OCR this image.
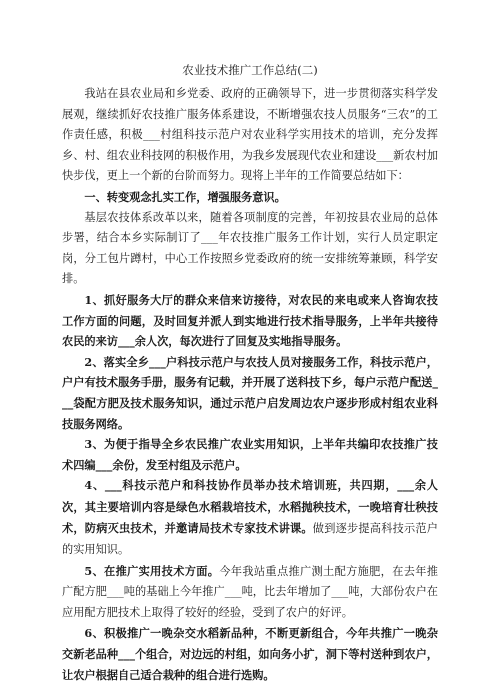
农业技术推广工作总结(二)

我站在县农业局和乡党委、政府的正确领导下，进一步贯彻落实科学发展观，继续抓好农技推广服务体系建设，不断增强农技人员服务“三农”的工作责任感，积极___村组科技示范户对农业科学实用技术的培训，充分发挥乡、村、组农业科技网的积极作用，为我乡发展现代农业和建设___新农村加快步伐，更上一个新的台阶而努力。现将上半年的工作简要总结如下：

一、转变观念扎实工作，增强服务意识。

基层农技体系改革以来，随着各项制度的完善，年初按县农业局的总体步署，结合本乡实际制订了___年农技推广服务工作计划，实行人员定职定岗，分工包片蹲村，中心工作按照乡党委政府的统一安排统筹兼顾，科学安排。

1、抓好服务大厅的群众来信来访接待，对农民的来电或来人咨询农技工作方面的问题，及时回复并派人到实地进行技术指导服务，上半年共接待农民的来访___余人次，每次进行了回复及实地指导服务。

2、落实全乡___户科技示范户与农技人员对接服务工作，科技示范户，户户有技术服务手册，服务有记载，并开展了送科技下乡，每户示范户配送___袋配方肥及技术服务知识，通过示范户启发周边农户逐步形成村组农业科技服务网络。

3、为便于指导全乡农民推广农业实用知识，上半年共编印农技推广技术四编___余份，发至村组及示范户。

4、___科技示范户和科技协作员举办技术培训班，共四期，___余人次，其主要培训内容是绿色水稻栽培技术，水稻抛秧技术，一晚培育壮秧技术，防病灭虫技术，并邀请局技术专家技术讲课。做到逐步提高科技示范户的实用知识。

5、在推广实用技术方面。今年我站重点推广测土配方施肥，在去年推广配方肥___吨的基础上今年推广___吨，比去年增加了___吨，大部份农户在应用配方肥技术上取得了较好的经验，受到了农户的好评。

6、积极推广一晚杂交水稻新品种，不断更新组合，今年共推广一晚杂交新老品种___个组合，对边远的村组，如向务小扩，洞下等村送种到农户，让农户根据自己适合栽种的组合进行选购。
